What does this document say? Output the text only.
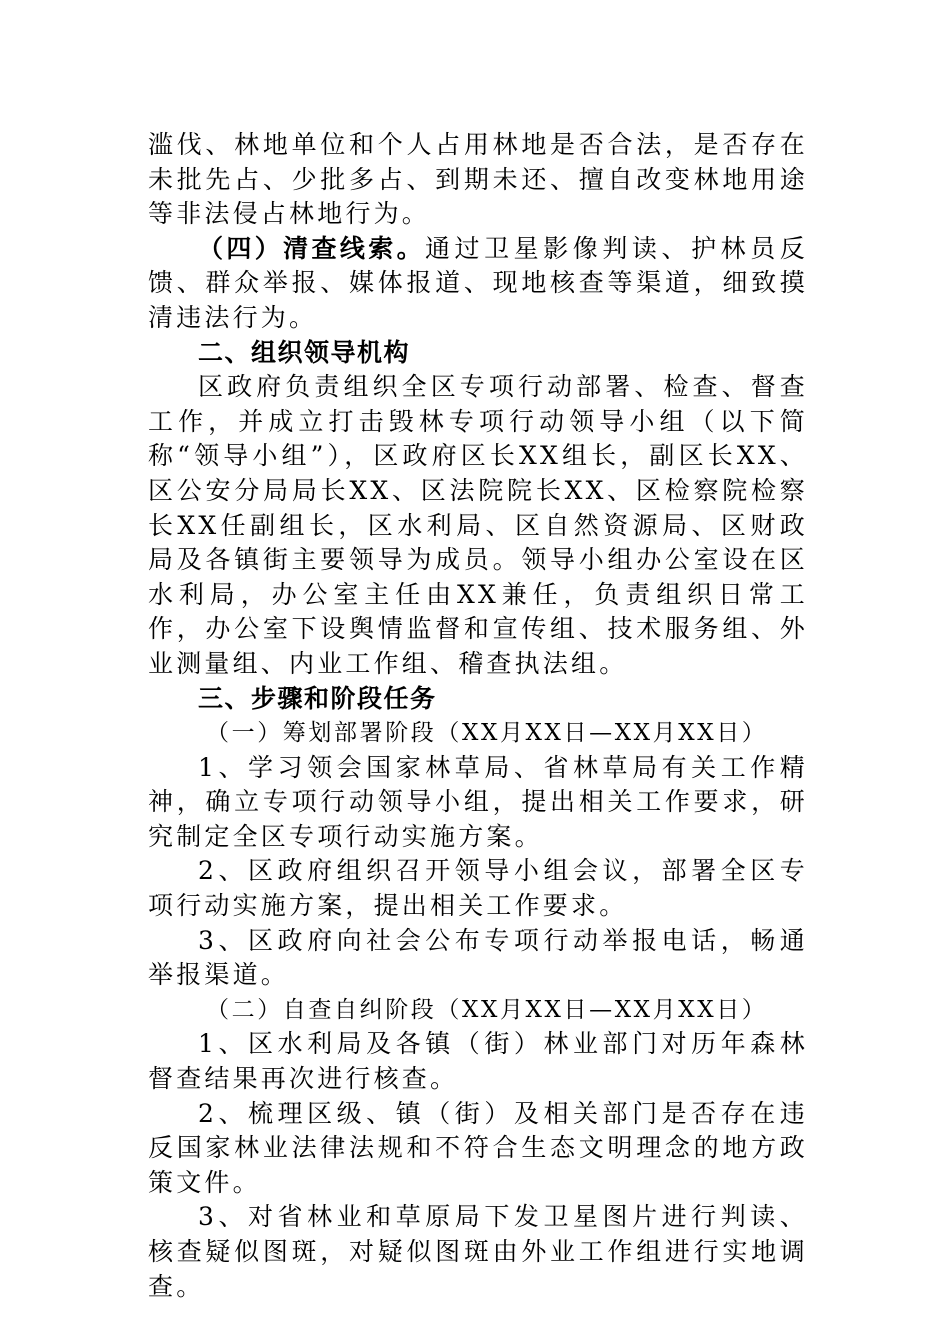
滥伐、林地单位和个人占用林地是否合法，是否存在未批先占、少批多占、到期未还、擅自改变林地用途等非法侵占林地行为。

（四）清查线索。通过卫星影像判读、护林员反馈、群众举报、媒体报道、现地核查等渠道，细致摸清违法行为。

二、组织领导机构

区政府负责组织全区专项行动部署、检查、督查工作，并成立打击毁林专项行动领导小组（以下简称“领导小组”），区政府区长XX组长，副区长XX、区公安分局局长XX、区法院院长XX、区检察院检察长XX任副组长，区水利局、区自然资源局、区财政局及各镇街主要领导为成员。领导小组办公室设在区水利局，办公室主任由XX兼任，负责组织日常工作，办公室下设舆情监督和宣传组、技术服务组、外业测量组、内业工作组、稽查执法组。

三、步骤和阶段任务

（一）筹划部署阶段（XX月XX日—XX月XX日）

1、学习领会国家林草局、省林草局有关工作精神，确立专项行动领导小组，提出相关工作要求，研究制定全区专项行动实施方案。

2、区政府组织召开领导小组会议，部署全区专项行动实施方案，提出相关工作要求。

3、区政府向社会公布专项行动举报电话，畅通举报渠道。

（二）自查自纠阶段（XX月XX日—XX月XX日）

1、区水利局及各镇（街）林业部门对历年森林督查结果再次进行核查。

2、梳理区级、镇（街）及相关部门是否存在违反国家林业法律法规和不符合生态文明理念的地方政策文件。

3、对省林业和草原局下发卫星图片进行判读、核查疑似图斑，对疑似图斑由外业工作组进行实地调查。
